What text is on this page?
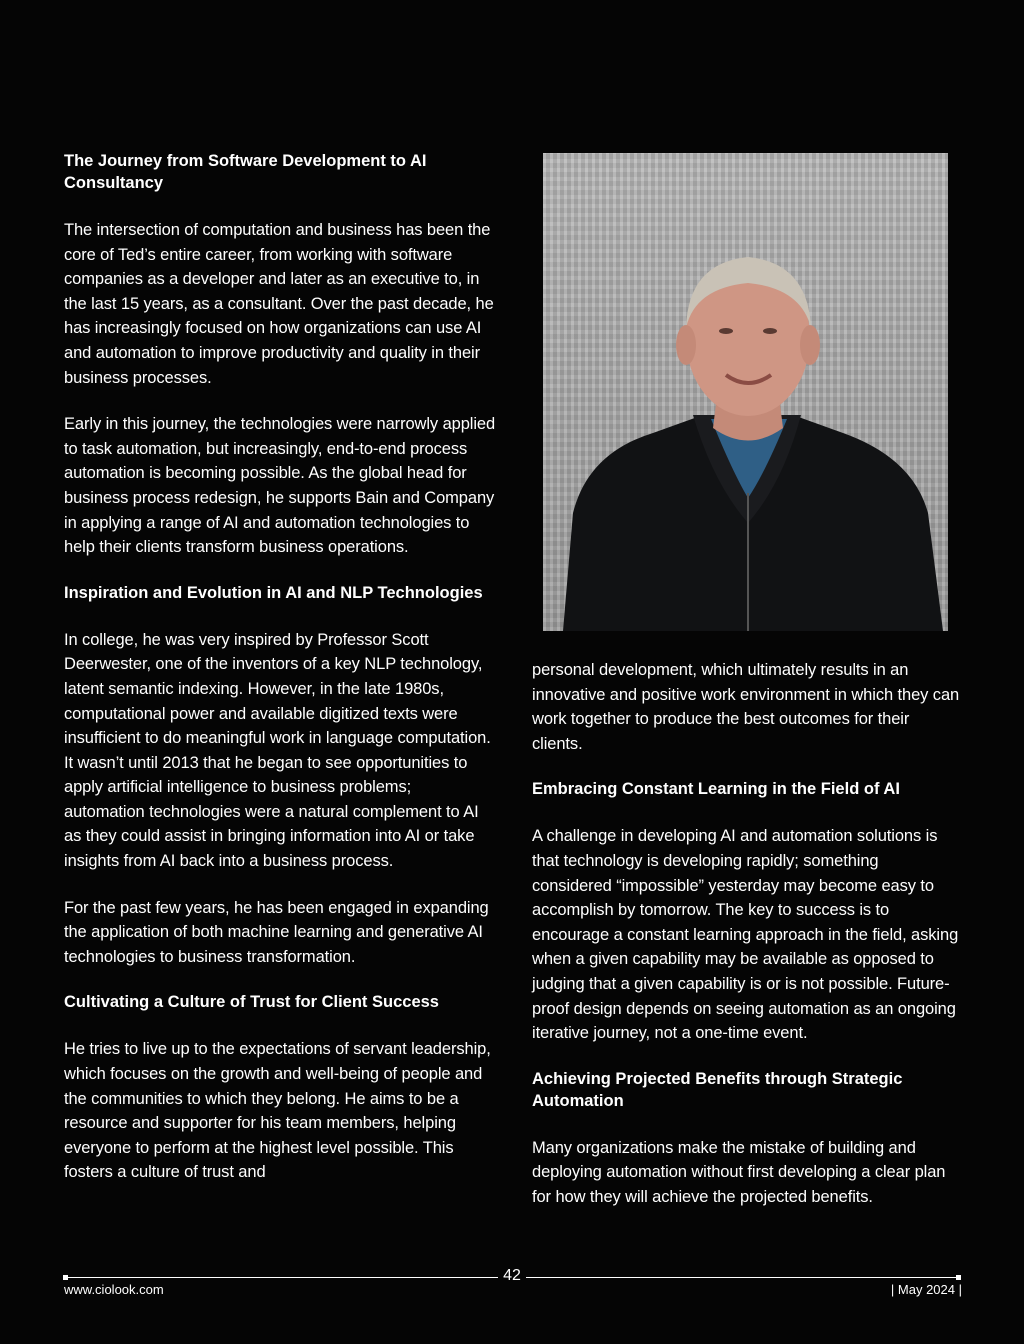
The Journey from Software Development to AI Consultancy
The intersection of computation and business has been the core of Ted’s entire career, from working with software companies as a developer and later as an executive to, in the last 15 years, as a consultant. Over the past decade, he has increasingly focused on how organizations can use AI and automation to improve productivity and quality in their business processes.
Early in this journey, the technologies were narrowly applied to task automation, but increasingly, end-to-end process automation is becoming possible. As the global head for business process redesign, he supports Bain and Company in applying a range of AI and automation technologies to help their clients transform business operations.
Inspiration and Evolution in AI and NLP Technologies
In college, he was very inspired by Professor Scott Deerwester, one of the inventors of a key NLP technology, latent semantic indexing. However, in the late 1980s, computational power and available digitized texts were insufficient to do meaningful work in language computation. It wasn’t until 2013 that he began to see opportunities to apply artificial intelligence to business problems; automation technologies were a natural complement to AI as they could assist in bringing information into AI or take insights from AI back into a business process.
For the past few years, he has been engaged in expanding the application of both machine learning and generative AI technologies to business transformation.
Cultivating a Culture of Trust for Client Success
He tries to live up to the expectations of servant leadership, which focuses on the growth and well-being of people and the communities to which they belong. He aims to be a resource and supporter for his team members, helping everyone to perform at the highest level possible. This fosters a culture of trust and
personal development, which ultimately results in an innovative and positive work environment in which they can work together to produce the best outcomes for their clients.
Embracing Constant Learning in the Field of AI
A challenge in developing AI and automation solutions is that technology is developing rapidly; something considered “impossible” yesterday may become easy to accomplish by tomorrow. The key to success is to encourage a constant learning approach in the field, asking when a given capability may be available as opposed to judging that a given capability is or is not possible. Future-proof design depends on seeing automation as an ongoing iterative journey, not a one-time event.
Achieving Projected Benefits through Strategic Automation
Many organizations make the mistake of building and deploying automation without first developing a clear plan for how they will achieve the projected benefits.
42
www.ciolook.com	| May 2024 |
